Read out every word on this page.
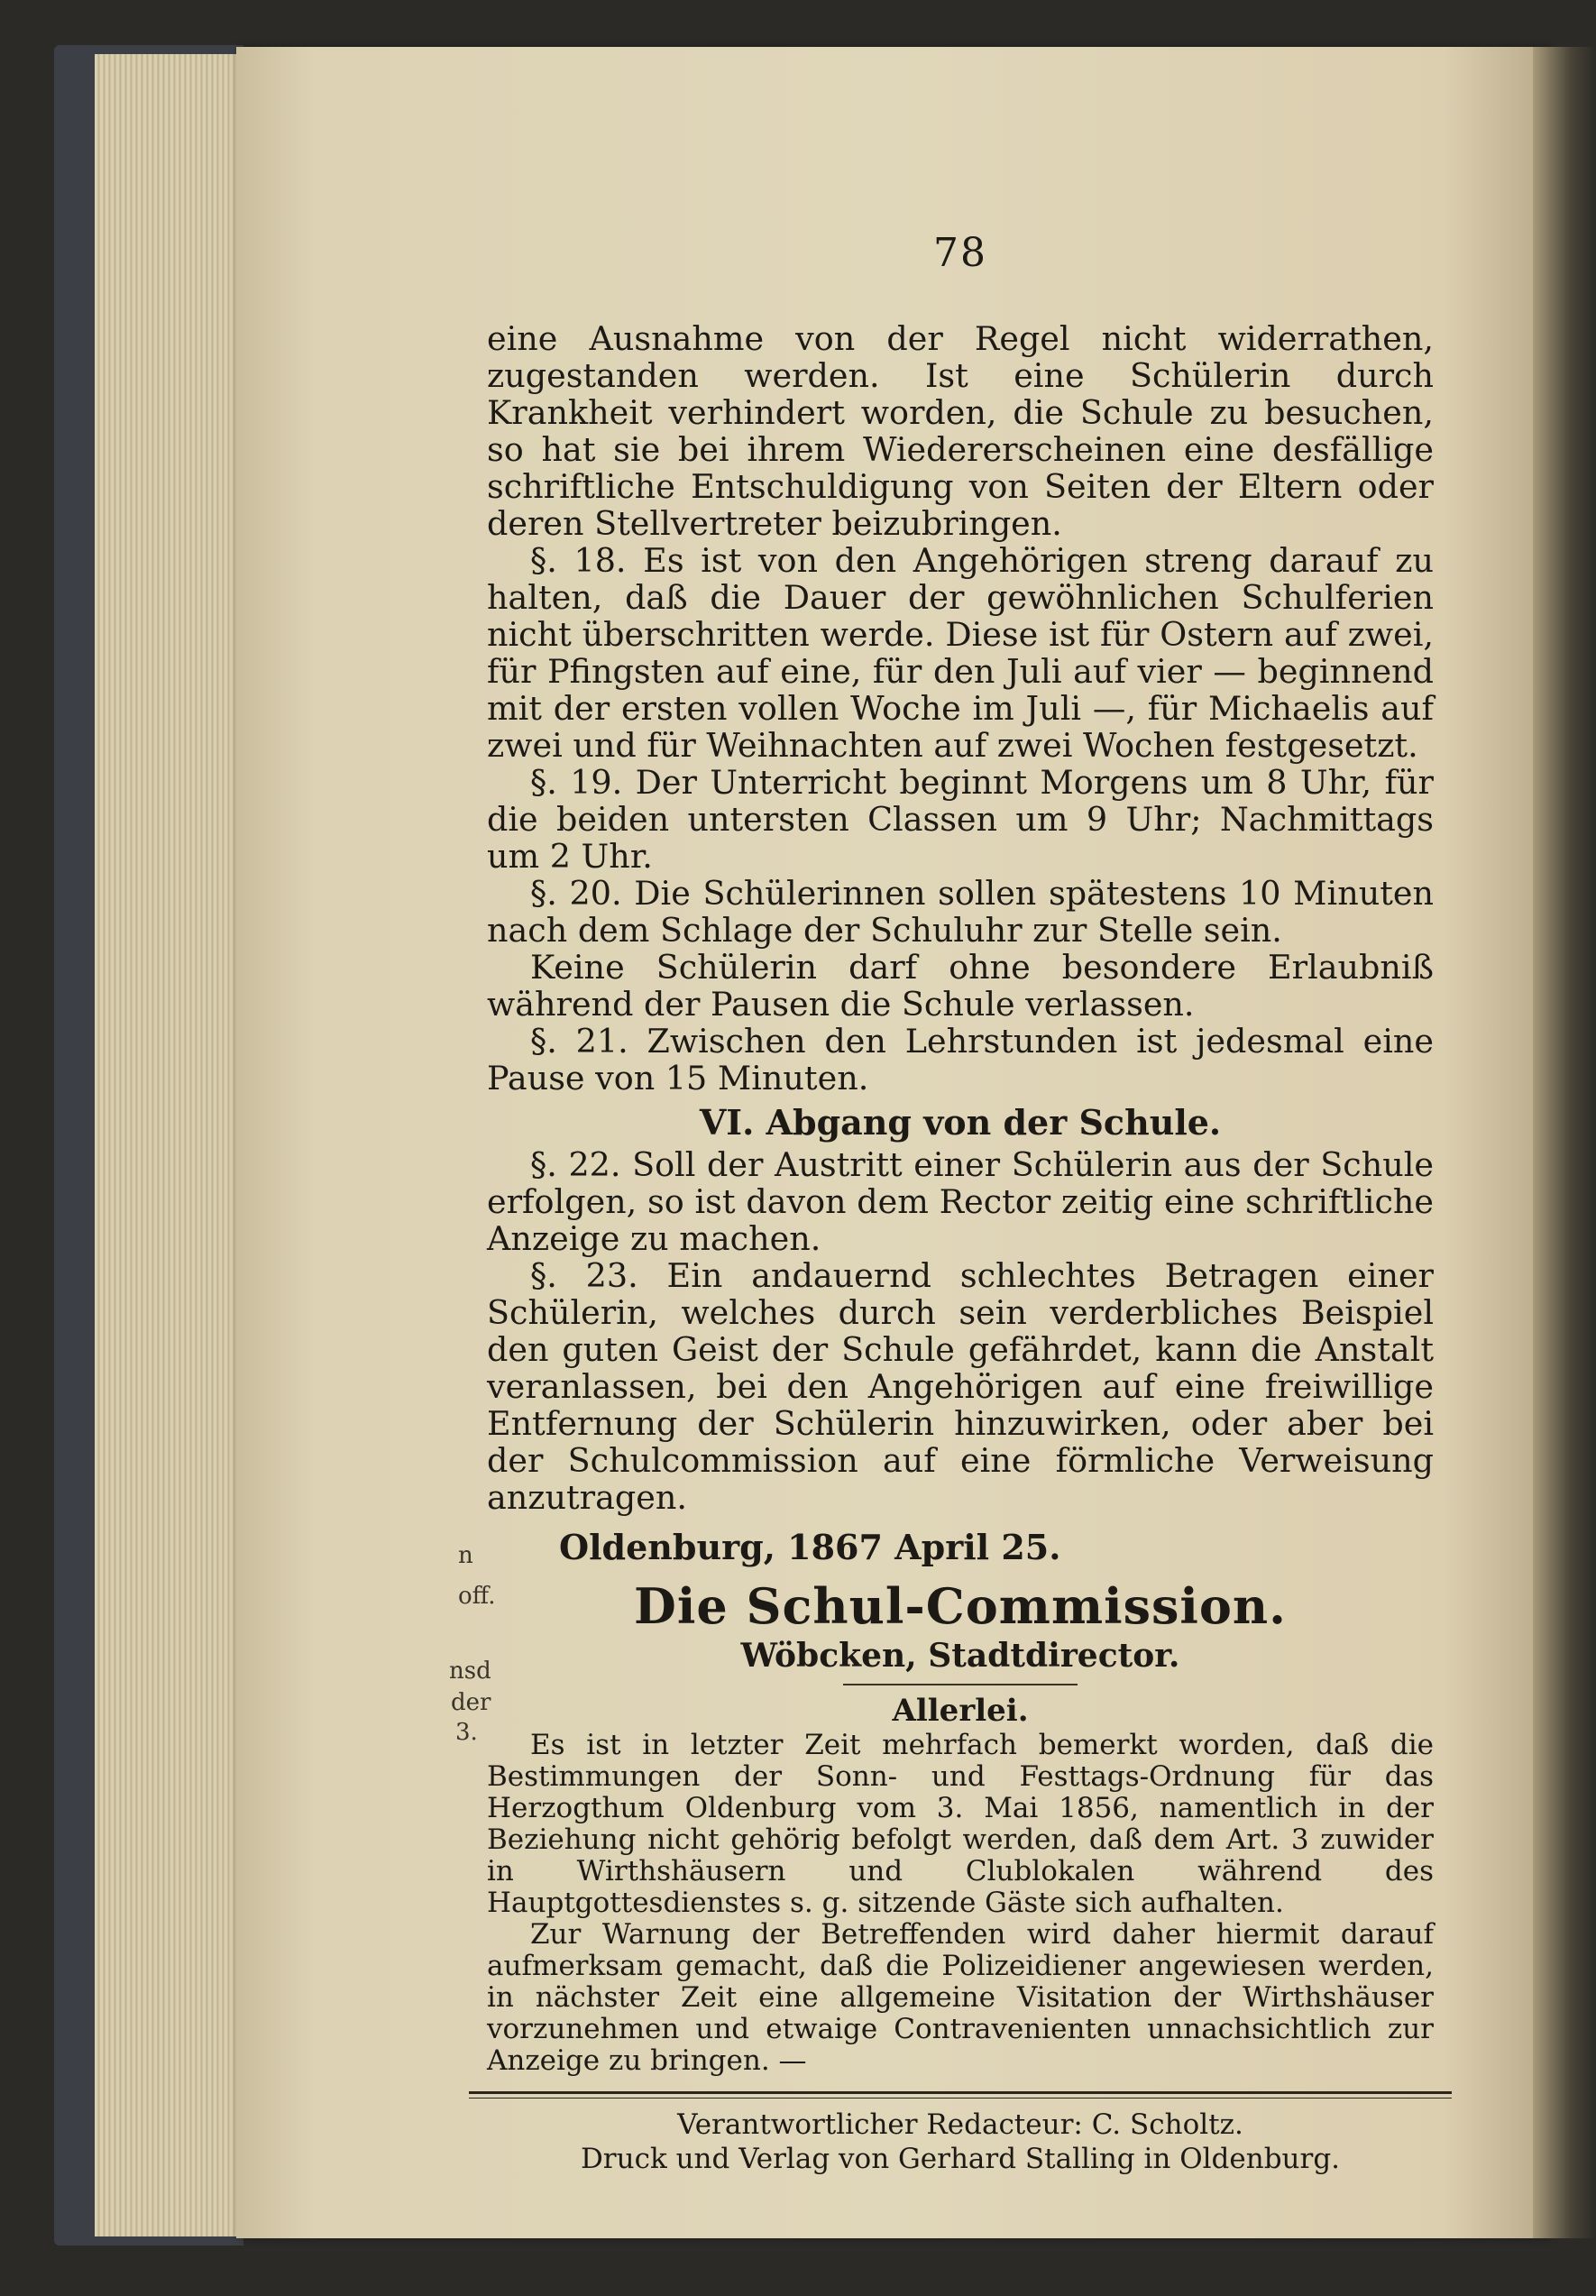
n
off.
nsd
der
3.
78

eine Ausnahme von der Regel nicht widerrathen, zugestanden werden. Ist eine Schülerin durch Krankheit verhindert worden, die Schule zu besuchen, so hat sie bei ihrem Wiedererscheinen eine desfällige schriftliche Entschuldigung von Seiten der Eltern oder deren Stellvertreter beizubringen.

§. 18. Es ist von den Angehörigen streng darauf zu halten, daß die Dauer der gewöhnlichen Schulferien nicht überschritten werde. Diese ist für Ostern auf zwei, für Pfingsten auf eine, für den Juli auf vier — beginnend mit der ersten vollen Woche im Juli —, für Michaelis auf zwei und für Weihnachten auf zwei Wochen festgesetzt.

§. 19. Der Unterricht beginnt Morgens um 8 Uhr, für die beiden untersten Classen um 9 Uhr; Nachmittags um 2 Uhr.

§. 20. Die Schülerinnen sollen spätestens 10 Minuten nach dem Schlage der Schuluhr zur Stelle sein.

Keine Schülerin darf ohne besondere Erlaubniß während der Pausen die Schule verlassen.

§. 21. Zwischen den Lehrstunden ist jedesmal eine Pause von 15 Minuten.

VI. Abgang von der Schule.

§. 22. Soll der Austritt einer Schülerin aus der Schule erfolgen, so ist davon dem Rector zeitig eine schriftliche Anzeige zu machen.

§. 23. Ein andauernd schlechtes Betragen einer Schülerin, welches durch sein verderbliches Beispiel den guten Geist der Schule gefährdet, kann die Anstalt veranlassen, bei den Angehörigen auf eine freiwillige Entfernung der Schülerin hinzuwirken, oder aber bei der Schulcommission auf eine förmliche Verweisung anzutragen.

Oldenburg, 1867 April 25.

Die Schul-Commission.

Wöbcken, Stadtdirector.

Allerlei.

Es ist in letzter Zeit mehrfach bemerkt worden, daß die Bestimmungen der Sonn- und Festtags-Ordnung für das Herzogthum Oldenburg vom 3. Mai 1856, namentlich in der Beziehung nicht gehörig befolgt werden, daß dem Art. 3 zuwider in Wirthshäusern und Clublokalen während des Hauptgottesdienstes s. g. sitzende Gäste sich aufhalten.

Zur Warnung der Betreffenden wird daher hiermit darauf aufmerksam gemacht, daß die Polizeidiener angewiesen werden, in nächster Zeit eine allgemeine Visitation der Wirthshäuser vorzunehmen und etwaige Contravenienten unnachsichtlich zur Anzeige zu bringen. —

Verantwortlicher Redacteur: C. Scholtz.

Druck und Verlag von Gerhard Stalling in Oldenburg.
